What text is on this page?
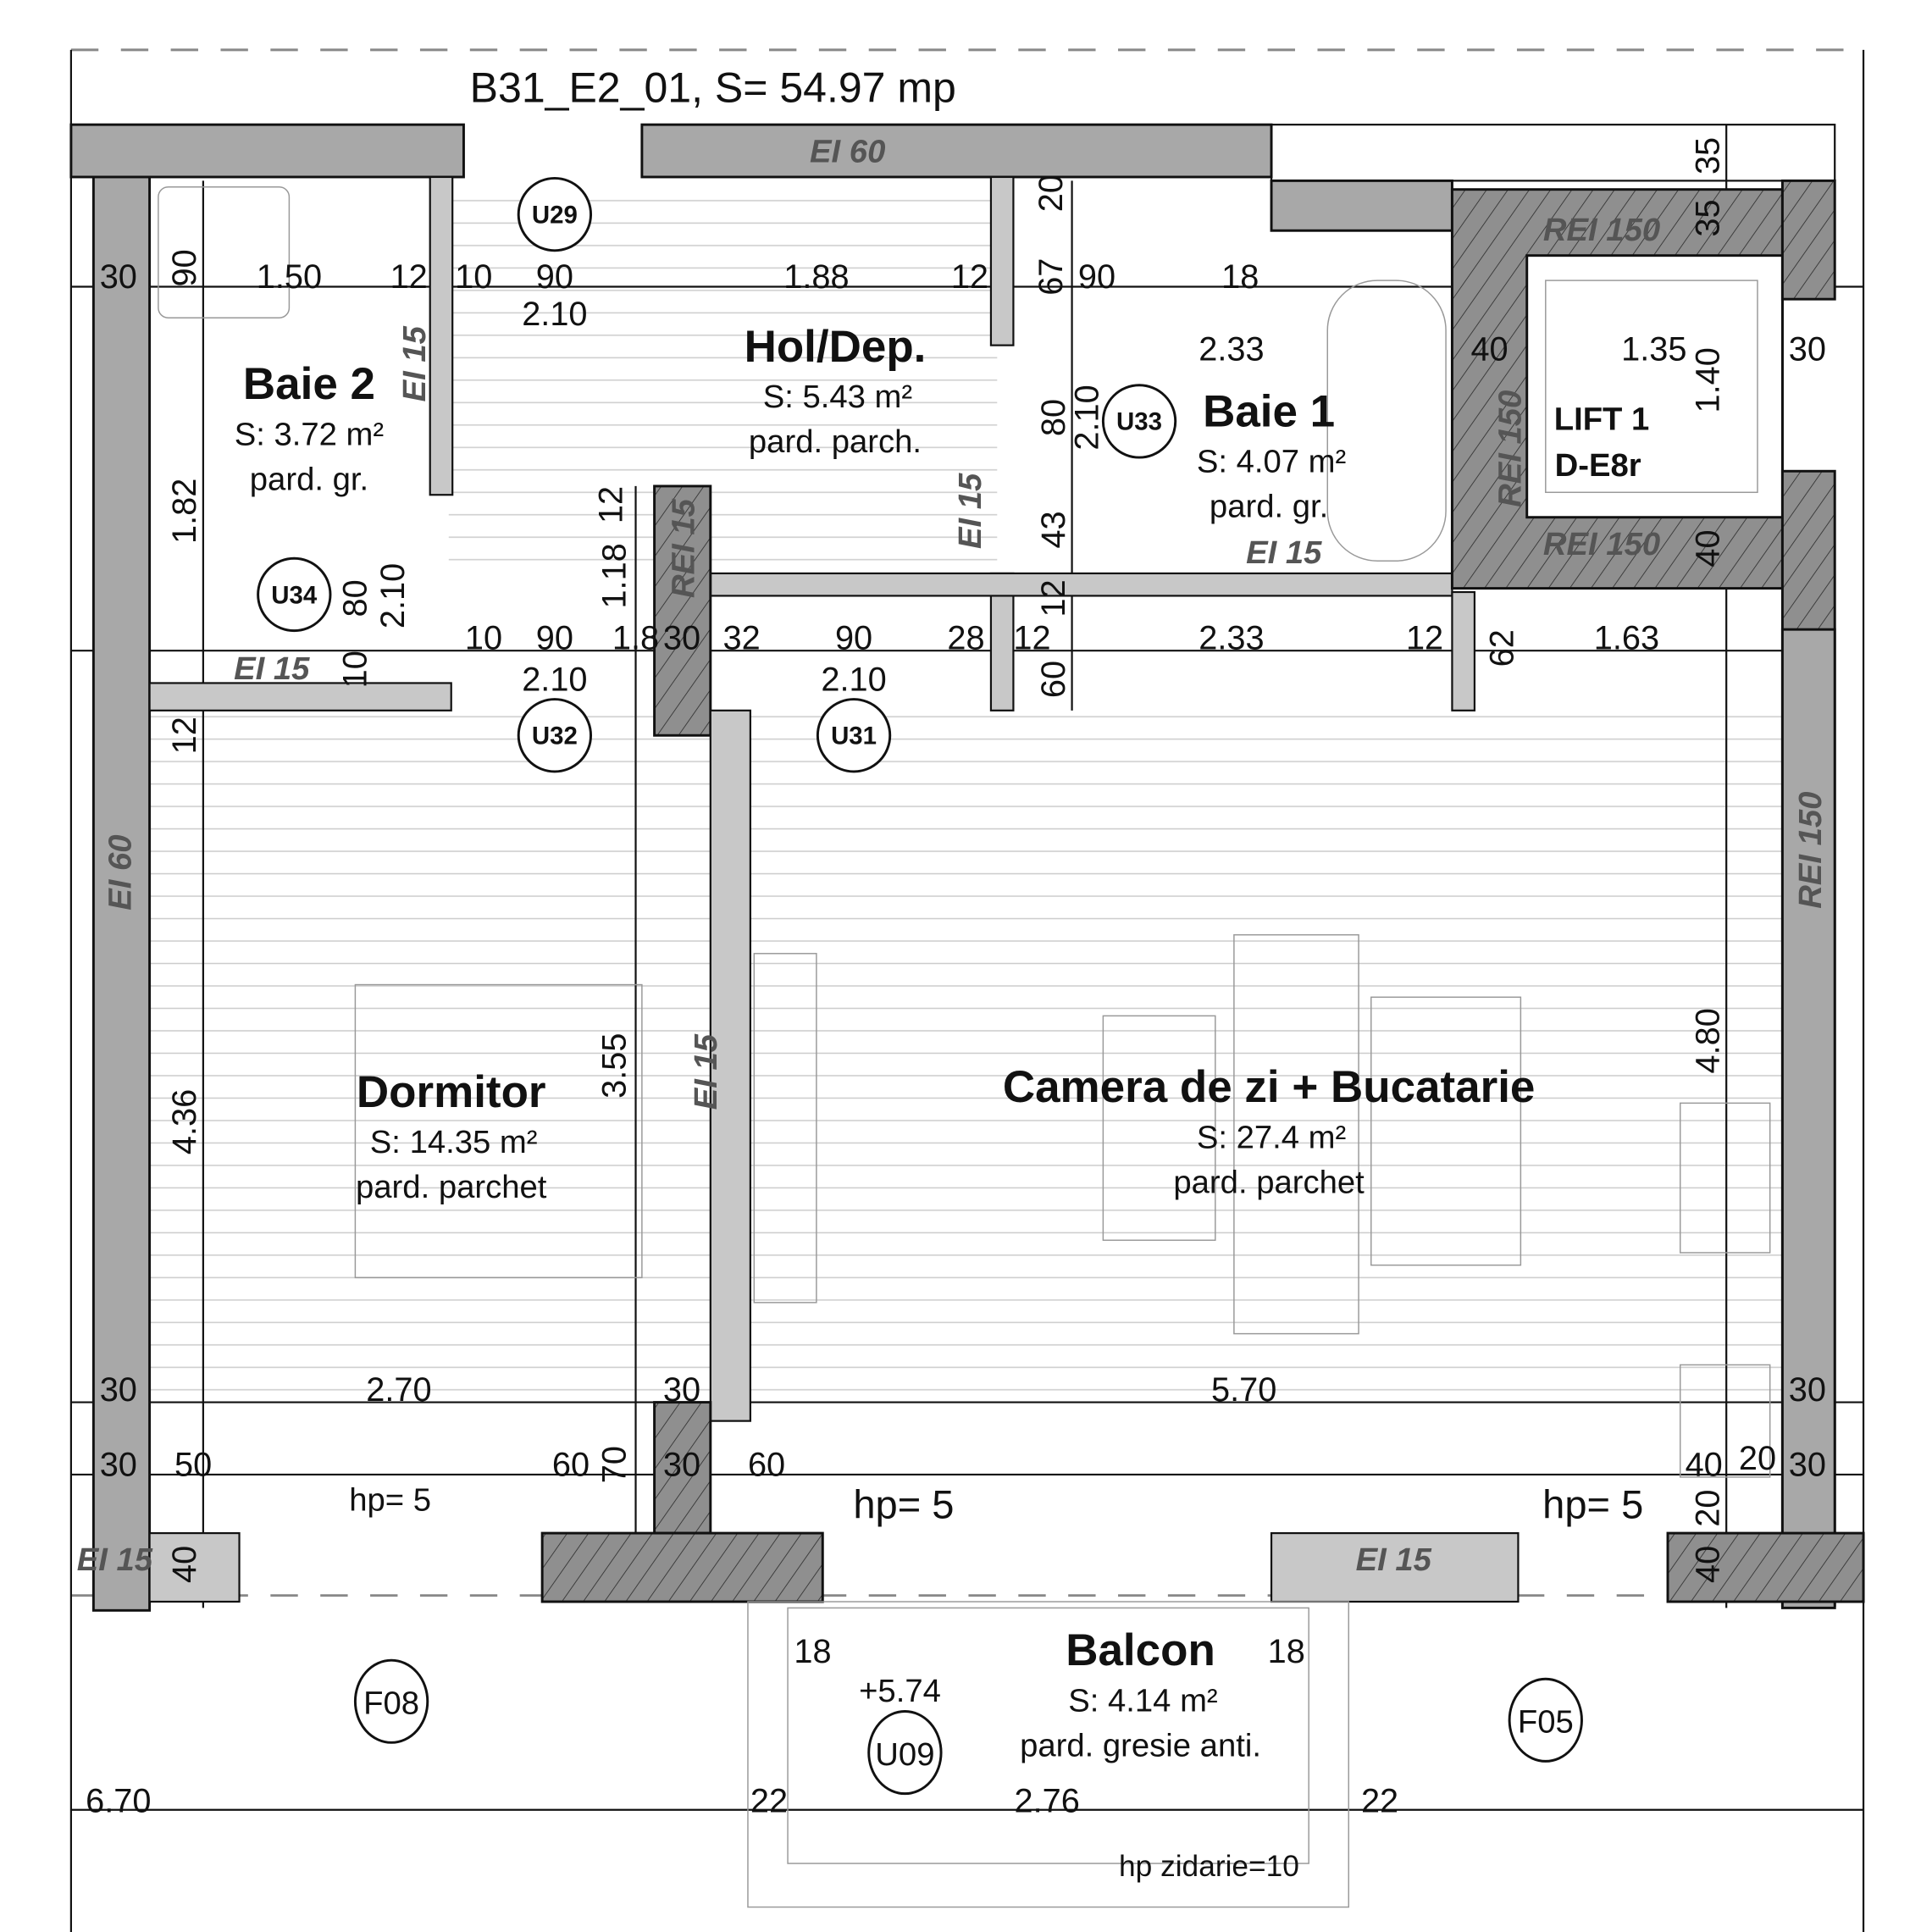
B31_E2_01, S= 54.97 mp
Baie 2
S: 3.72 m²
pard. gr.
Hol/Dep.
S: 5.43 m²
pard. parch.
Baie 1
S: 4.07 m²
pard. gr.
LIFT 1
D-E8r
Dormitor
S: 14.35 m²
pard. parchet
Camera de zi + Bucatarie
S: 27.4 m²
pard. parchet
Balcon
S: 4.14 m²
pard. gresie anti.
U29
U34
U32	U31
U33
F08
U09
F05
EI 60
EI 15
EI 15
REI 15	EI 15
EI 15
REI 150
REI 150
REI 150
REI 150
EI 60
EI 15
EI 15	EI 15
30 90 1.50	12 10 90
2.10
1.88	12 67 90	18
20
2.33	40	1.35	30
1.40
35
35
1.82
80 2.10
10
10 90
2.10
12
1.18
1.8 30 32	90
2.10
28 12
12
60
2.33	12 62	1.63
80
2.10
43	40
12
4.36
3.55	4.80
30	2.70	30	5.70	30
30 50	60 70 30 60	40 20 30
20
40	40
18	18
6.70	22	2.76	22
hp= 5	hp= 5	hp= 5
+5.74
hp zidarie=10
